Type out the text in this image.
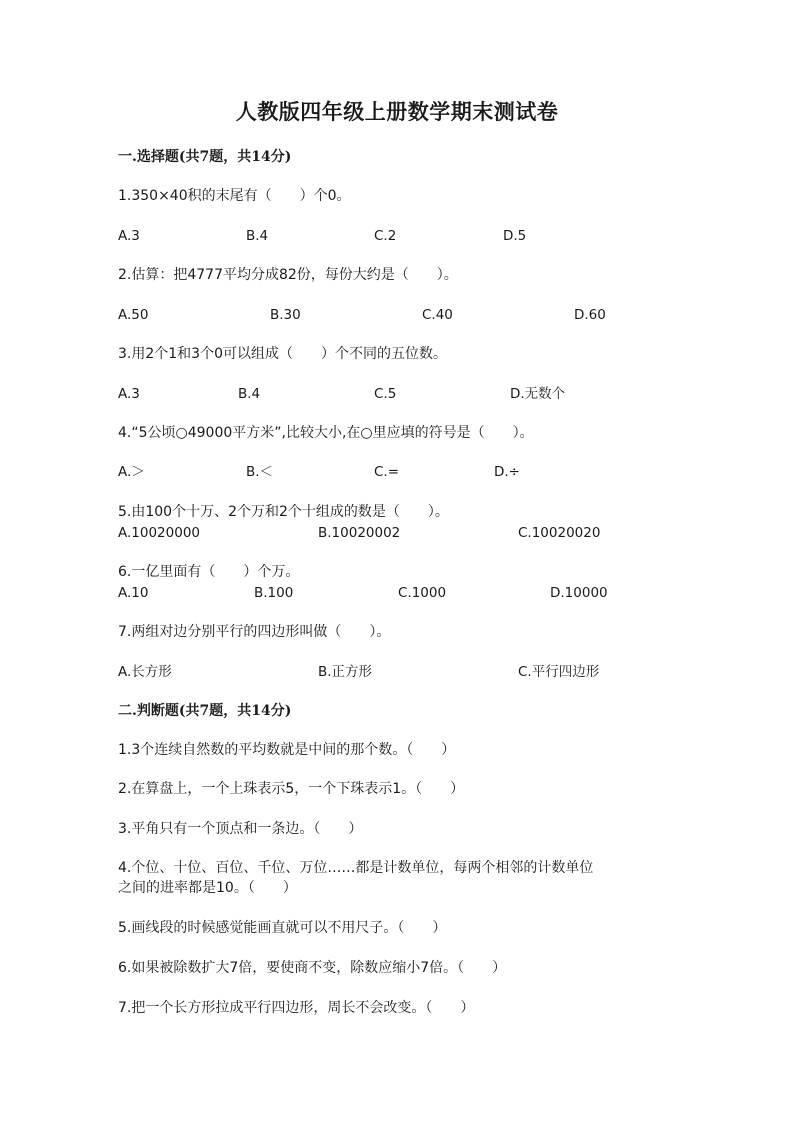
人教版四年级上册数学期末测试卷
一.选择题(共7题，共14分)
1.350×40积的末尾有（　　）个0。
A.3	B.4	C.2	D.5
2.估算：把4777平均分成82份，每份大约是（　　）。
A.50	B.30	C.40	D.60
3.用2个1和3个0可以组成（　　）个不同的五位数。
A.3	B.4	C.5	D.无数个
4.“5公顷○49000平方米”,比较大小,在○里应填的符号是（　　）。
A.＞	B.＜	C.=	D.÷
5.由100个十万、2个万和2个十组成的数是（　　）。
A.10020000	B.10020002	C.10020020
6.一亿里面有（　　）个万。
A.10	B.100	C.1000	D.10000
7.两组对边分别平行的四边形叫做（　　）。
A.长方形	B.正方形	C.平行四边形
二.判断题(共7题，共14分)
1.3个连续自然数的平均数就是中间的那个数。（　　）
2.在算盘上，一个上珠表示5，一个下珠表示1。（　　）
3.平角只有一个顶点和一条边。（　　）
4.个位、十位、百位、千位、万位……都是计数单位，每两个相邻的计数单位
之间的进率都是10。（　　）
5.画线段的时候感觉能画直就可以不用尺子。（　　）
6.如果被除数扩大7倍，要使商不变，除数应缩小7倍。（　　）
7.把一个长方形拉成平行四边形，周长不会改变。（　　）
